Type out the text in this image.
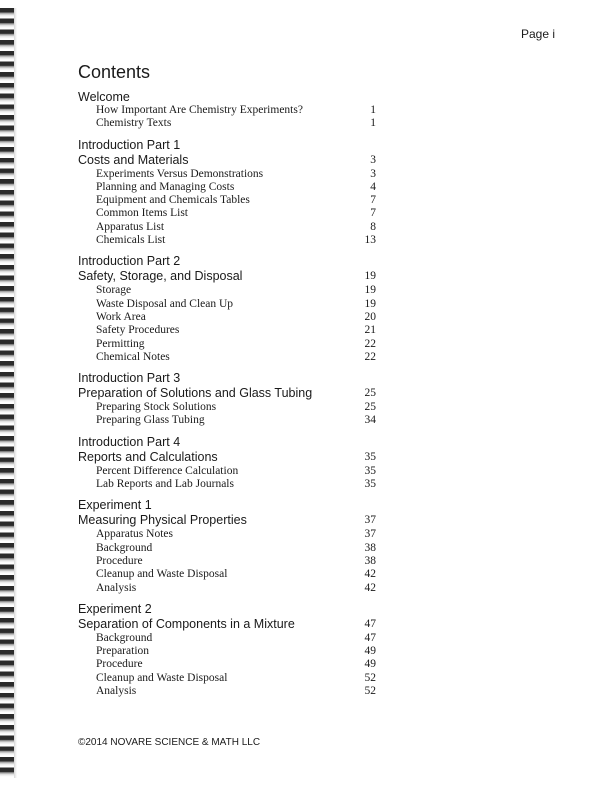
Page i
Contents
Welcome
How Important Are Chemistry Experiments?	1
Chemistry Texts	1
Introduction Part 1
Costs and Materials	3
Experiments Versus Demonstrations	3
Planning and Managing Costs	4
Equipment and Chemicals Tables	7
Common Items List	7
Apparatus List	8
Chemicals List	13
Introduction Part 2
Safety, Storage, and Disposal	19
Storage	19
Waste Disposal and Clean Up	19
Work Area	20
Safety Procedures	21
Permitting	22
Chemical Notes	22
Introduction Part 3
Preparation of Solutions and Glass Tubing	25
Preparing Stock Solutions	25
Preparing Glass Tubing	34
Introduction Part 4
Reports and Calculations	35
Percent Difference Calculation	35
Lab Reports and Lab Journals	35
Experiment 1
Measuring Physical Properties	37
Apparatus Notes	37
Background	38
Procedure	38
Cleanup and Waste Disposal	42
Analysis	42
Experiment 2
Separation of Components in a Mixture	47
Background	47
Preparation	49
Procedure	49
Cleanup and Waste Disposal	52
Analysis	52
©2014 NOVARE SCIENCE & MATH LLC
